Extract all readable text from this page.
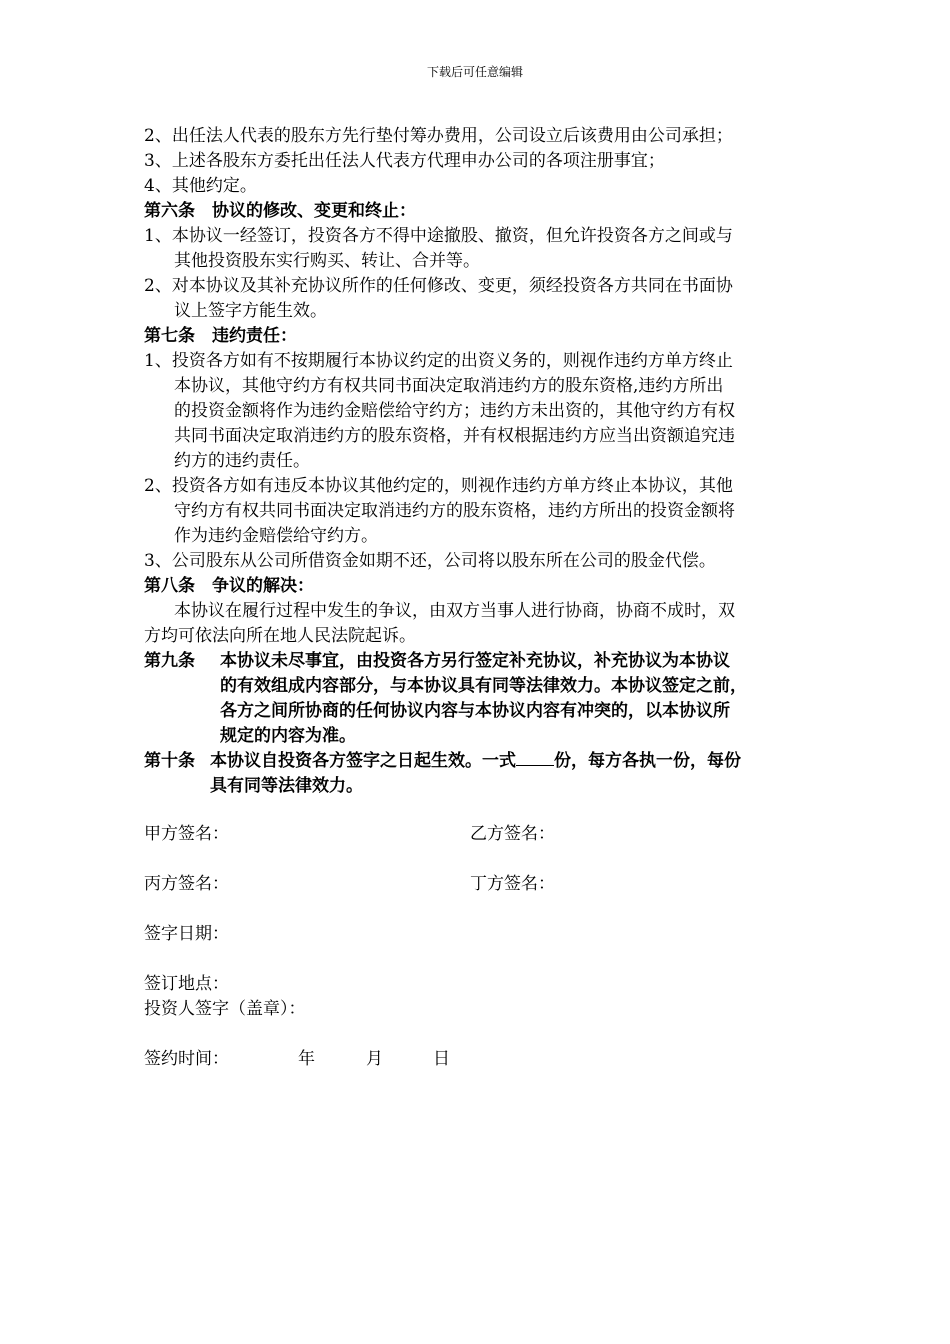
下载后可任意编辑
2、出任法人代表的股东方先行垫付筹办费用，公司设立后该费用由公司承担；
3、上述各股东方委托出任法人代表方代理申办公司的各项注册事宜；
4、其他约定。
第六条　协议的修改、变更和终止：
1、本协议一经签订，投资各方不得中途撤股、撤资，但允许投资各方之间或与
其他投资股东实行购买、转让、合并等。
2、对本协议及其补充协议所作的任何修改、变更，须经投资各方共同在书面协
议上签字方能生效。
第七条　违约责任：
1、投资各方如有不按期履行本协议约定的出资义务的，则视作违约方单方终止
本协议，其他守约方有权共同书面决定取消违约方的股东资格,违约方所出
的投资金额将作为违约金赔偿给守约方；违约方未出资的，其他守约方有权
共同书面决定取消违约方的股东资格，并有权根据违约方应当出资额追究违
约方的违约责任。
2、投资各方如有违反本协议其他约定的，则视作违约方单方终止本协议，其他
守约方有权共同书面决定取消违约方的股东资格，违约方所出的投资金额将
作为违约金赔偿给守约方。
3、公司股东从公司所借资金如期不还，公司将以股东所在公司的股金代偿。
第八条　争议的解决：
本协议在履行过程中发生的争议，由双方当事人进行协商，协商不成时，双
方均可依法向所在地人民法院起诉。
第九条 本协议未尽事宜，由投资各方另行签定补充协议，补充协议为本协议
的有效组成内容部分，与本协议具有同等法律效力。本协议签定之前，
各方之间所协商的任何协议内容与本协议内容有冲突的，以本协议所
规定的内容为准。
第十条 本协议自投资各方签字之日起生效。一式 份，每方各执一份，每份
具有同等法律效力。
甲方签名：	乙方签名：
丙方签名：	丁方签名：
签字日期：
签订地点：
投资人签字（盖章）：
签约时间：	年	月	日
